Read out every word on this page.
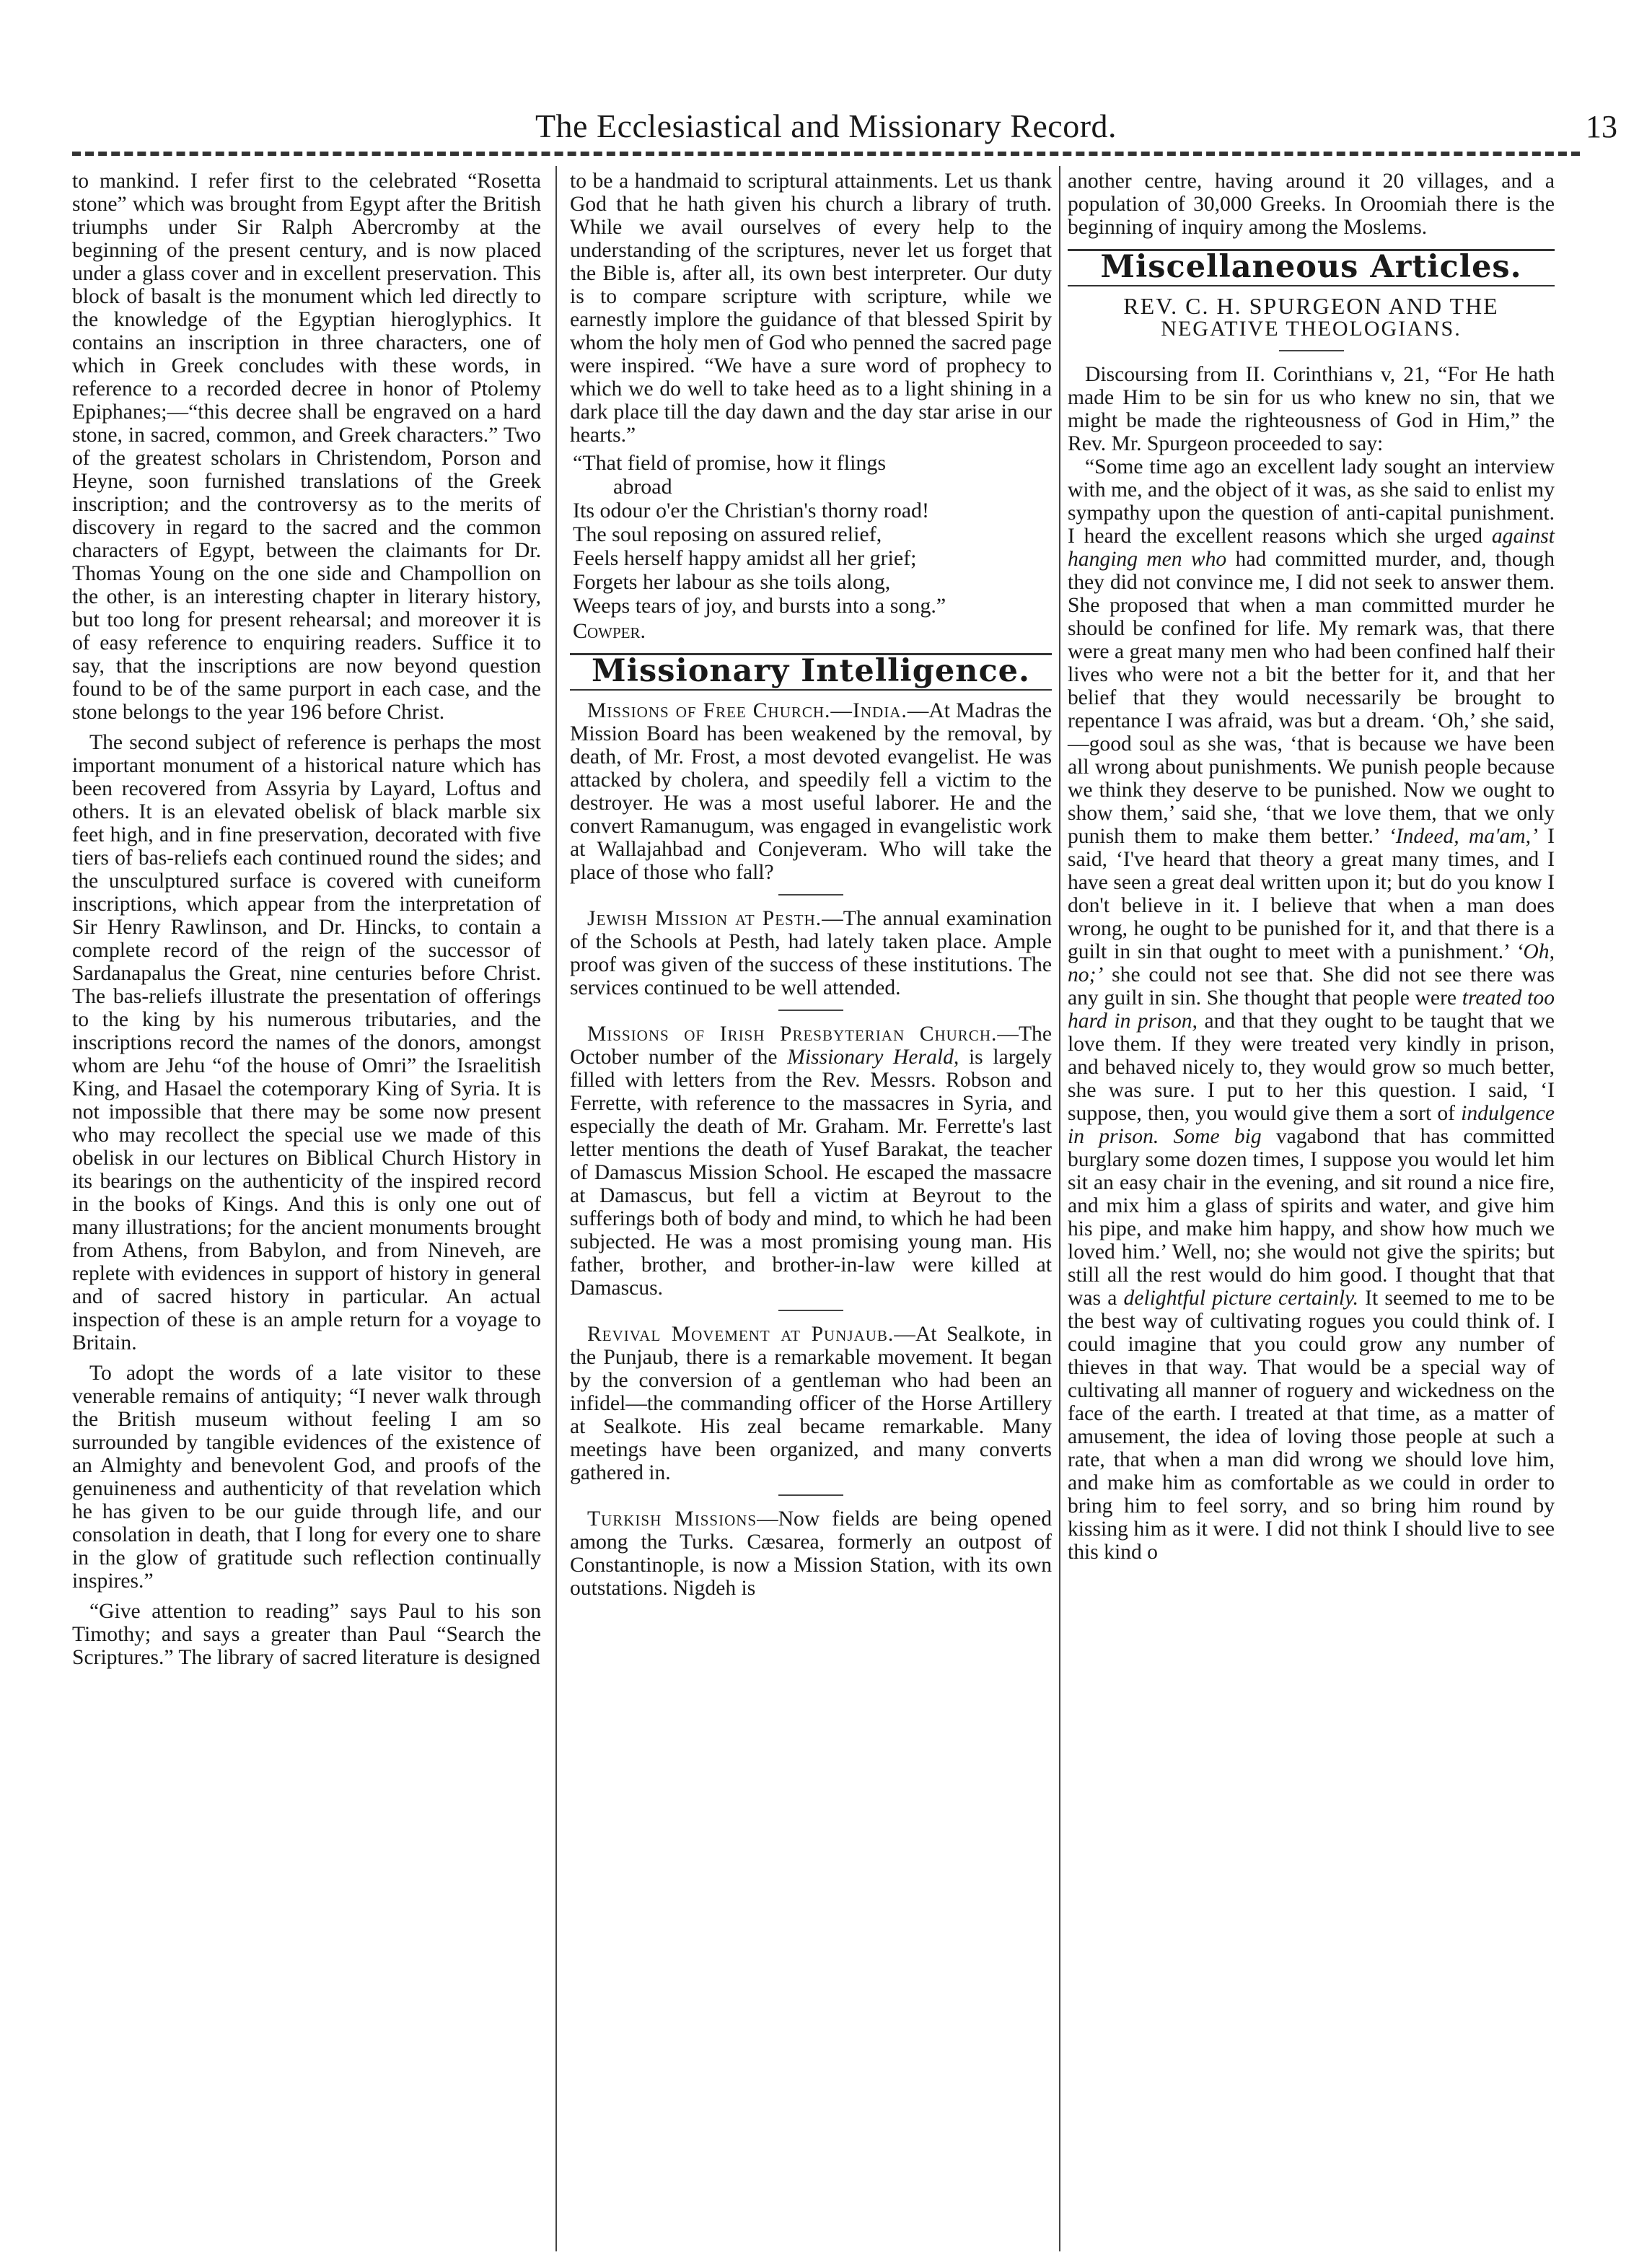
The Ecclesiastical and Missionary Record.	13

to mankind. I refer first to the celebrated “Rosetta stone” which was brought from Egypt after the British triumphs under Sir Ralph Abercromby at the beginning of the present century, and is now placed under a glass cover and in excellent preservation. This block of basalt is the monument which led directly to the knowledge of the Egyptian hieroglyphics. It contains an inscription in three characters, one of which in Greek concludes with these words, in reference to a recorded decree in honor of Ptolemy Epiphanes;—“this decree shall be engraved on a hard stone, in sacred, common, and Greek characters.” Two of the greatest scholars in Christendom, Porson and Heyne, soon furnished translations of the Greek inscription; and the controversy as to the merits of discovery in regard to the sacred and the common characters of Egypt, between the claimants for Dr. Thomas Young on the one side and Champollion on the other, is an interesting chapter in literary history, but too long for present rehearsal; and moreover it is of easy reference to enquiring readers. Suffice it to say, that the inscriptions are now beyond question found to be of the same purport in each case, and the stone belongs to the year 196 before Christ.

The second subject of reference is perhaps the most important monument of a historical nature which has been recovered from Assyria by Layard, Loftus and others. It is an elevated obelisk of black marble six feet high, and in fine preservation, decorated with five tiers of bas-reliefs each continued round the sides; and the unsculptured surface is covered with cuneiform inscriptions, which appear from the interpretation of Sir Henry Rawlinson, and Dr. Hincks, to contain a complete record of the reign of the successor of Sardanapalus the Great, nine centuries before Christ. The bas-reliefs illustrate the presentation of offerings to the king by his numerous tributaries, and the inscriptions record the names of the donors, amongst whom are Jehu “of the house of Omri” the Israelitish King, and Hasael the cotemporary King of Syria. It is not impossible that there may be some now present who may recollect the special use we made of this obelisk in our lectures on Biblical Church History in its bearings on the authenticity of the inspired record in the books of Kings. And this is only one out of many illustrations; for the ancient monuments brought from Athens, from Babylon, and from Nineveh, are replete with evidences in support of history in general and of sacred history in particular. An actual inspection of these is an ample return for a voyage to Britain.

To adopt the words of a late visitor to these venerable remains of antiquity; “I never walk through the British museum without feeling I am so surrounded by tangible evidences of the existence of an Almighty and benevolent God, and proofs of the genuineness and authenticity of that revelation which he has given to be our guide through life, and our consolation in death, that I long for every one to share in the glow of gratitude such reflection continually inspires.”

“Give attention to reading” says Paul to his son Timothy; and says a greater than Paul “Search the Scriptures.” The library of sacred literature is designed

to be a handmaid to scriptural attainments. Let us thank God that he hath given his church a library of truth. While we avail ourselves of every help to the understanding of the scriptures, never let us forget that the Bible is, after all, its own best interpreter. Our duty is to compare scripture with scripture, while we earnestly implore the guidance of that blessed Spirit by whom the holy men of God who penned the sacred page were inspired. “We have a sure word of prophecy to which we do well to take heed as to a light shining in a dark place till the day dawn and the day star arise in our hearts.”

“That field of promise, how it flings
abroad
Its odour o'er the Christian's thorny road!
The soul reposing on assured relief,
Feels herself happy amidst all her grief;
Forgets her labour as she toils along,
Weeps tears of joy, and bursts into a song.”
Cowper.
Missionary Intelligence.

Missions of Free Church.—India.—At Madras the Mission Board has been weakened by the removal, by death, of Mr. Frost, a most devoted evangelist. He was attacked by cholera, and speedily fell a victim to the destroyer. He was a most useful laborer. He and the convert Ramanugum, was engaged in evangelistic work at Wallajahbad and Conjeveram. Who will take the place of those who fall?

Jewish Mission at Pesth.—The annual examination of the Schools at Pesth, had lately taken place. Ample proof was given of the success of these institutions. The services continued to be well attended.

Missions of Irish Presbyterian Church.—The October number of the Missionary Herald, is largely filled with letters from the Rev. Messrs. Robson and Ferrette, with reference to the massacres in Syria, and especially the death of Mr. Graham. Mr. Ferrette's last letter mentions the death of Yusef Barakat, the teacher of Damascus Mission School. He escaped the massacre at Damascus, but fell a victim at Beyrout to the sufferings both of body and mind, to which he had been subjected. He was a most promising young man. His father, brother, and brother-in-law were killed at Damascus.

Revival Movement at Punjaub.—At Sealkote, in the Punjaub, there is a remarkable movement. It began by the conversion of a gentleman who had been an infidel—the commanding officer of the Horse Artillery at Sealkote. His zeal became remarkable. Many meetings have been organized, and many converts gathered in.

Turkish Missions—Now fields are being opened among the Turks. Cæsarea, formerly an outpost of Constantinople, is now a Mission Station, with its own outstations. Nigdeh is

another centre, having around it 20 villages, and a population of 30,000 Greeks. In Oroomiah there is the beginning of inquiry among the Moslems.

Miscellaneous Articles.
REV. C. H. SPURGEON AND THE
NEGATIVE THEOLOGIANS.

Discoursing from II. Corinthians v, 21, “For He hath made Him to be sin for us who knew no sin, that we might be made the righteousness of God in Him,” the Rev. Mr. Spurgeon proceeded to say:

“Some time ago an excellent lady sought an interview with me, and the object of it was, as she said to enlist my sympathy upon the question of anti-capital punishment. I heard the excellent reasons which she urged against hanging men who had committed murder, and, though they did not convince me, I did not seek to answer them. She proposed that when a man committed murder he should be confined for life. My remark was, that there were a great many men who had been confined half their lives who were not a bit the better for it, and that her belief that they would necessarily be brought to repentance I was afraid, was but a dream. ‘Oh,’ she said,—good soul as she was, ‘that is because we have been all wrong about punishments. We punish people because we think they deserve to be punished. Now we ought to show them,’ said she, ‘that we love them, that we only punish them to make them better.’ ‘Indeed, ma'am,’ I said, ‘I've heard that theory a great many times, and I have seen a great deal written upon it; but do you know I don't believe in it. I believe that when a man does wrong, he ought to be punished for it, and that there is a guilt in sin that ought to meet with a punishment.’ ‘Oh, no;’ she could not see that. She did not see there was any guilt in sin. She thought that people were treated too hard in prison, and that they ought to be taught that we love them. If they were treated very kindly in prison, and behaved nicely to, they would grow so much better, she was sure. I put to her this question. I said, ‘I suppose, then, you would give them a sort of indulgence in prison. Some big vagabond that has committed burglary some dozen times, I suppose you would let him sit an easy chair in the evening, and sit round a nice fire, and mix him a glass of spirits and water, and give him his pipe, and make him happy, and show how much we loved him.’ Well, no; she would not give the spirits; but still all the rest would do him good. I thought that that was a delightful picture certainly. It seemed to me to be the best way of cultivating rogues you could think of. I could imagine that you could grow any number of thieves in that way. That would be a special way of cultivating all manner of roguery and wickedness on the face of the earth. I treated at that time, as a matter of amusement, the idea of loving those people at such a rate, that when a man did wrong we should love him, and make him as comfortable as we could in order to bring him to feel sorry, and so bring him round by kissing him as it were. I did not think I should live to see this kind o
